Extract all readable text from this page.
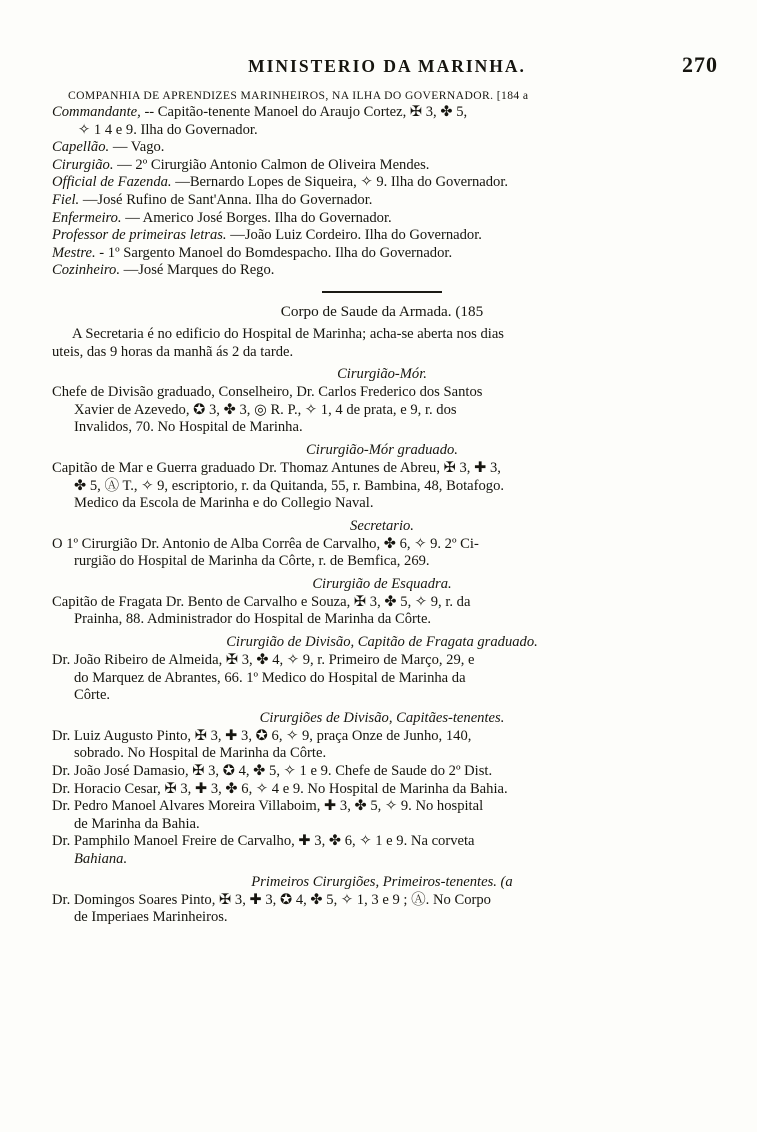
MINISTERIO DA MARINHA.	270
COMPANHIA DE APRENDIZES MARINHEIROS, NA ILHA DO GOVERNADOR. [184 a

Commandante, -- Capitão-tenente Manoel do Araujo Cortez, ✠ 3, ✤ 5,

✧ 1 4 e 9. Ilha do Governador.

Capellão. — Vago.

Cirurgião. — 2º Cirurgião Antonio Calmon de Oliveira Mendes.

Official de Fazenda. —Bernardo Lopes de Siqueira, ✧ 9. Ilha do Governador.

Fiel. —José Rufino de Sant'Anna. Ilha do Governador.

Enfermeiro. — Americo José Borges. Ilha do Governador.

Professor de primeiras letras. —João Luiz Cordeiro. Ilha do Governador.

Mestre. - 1º Sargento Manoel do Bomdespacho. Ilha do Governador.

Cozinheiro. —José Marques do Rego.

Corpo de Saude da Armada. (185

A Secretaria é no edificio do Hospital de Marinha; acha-se aberta nos dias

uteis, das 9 horas da manhã ás 2 da tarde.

Cirurgião-Mór.

Chefe de Divisão graduado, Conselheiro, Dr. Carlos Frederico dos Santos

Xavier de Azevedo, ✪ 3, ✤ 3, ◎ R. P., ✧ 1, 4 de prata, e 9, r. dos

Invalidos, 70. No Hospital de Marinha.

Cirurgião-Mór graduado.

Capitão de Mar e Guerra graduado Dr. Thomaz Antunes de Abreu, ✠ 3, ✚ 3,

✤ 5, Ⓐ T., ✧ 9, escriptorio, r. da Quitanda, 55, r. Bambina, 48, Botafogo.

Medico da Escola de Marinha e do Collegio Naval.

Secretario.

O 1º Cirurgião Dr. Antonio de Alba Corrêa de Carvalho, ✤ 6, ✧ 9. 2º Ci-

rurgião do Hospital de Marinha da Côrte, r. de Bemfica, 269.

Cirurgião de Esquadra.

Capitão de Fragata Dr. Bento de Carvalho e Souza, ✠ 3, ✤ 5, ✧ 9, r. da

Prainha, 88. Administrador do Hospital de Marinha da Côrte.

Cirurgião de Divisão, Capitão de Fragata graduado.

Dr. João Ribeiro de Almeida, ✠ 3, ✤ 4, ✧ 9, r. Primeiro de Março, 29, e

do Marquez de Abrantes, 66. 1º Medico do Hospital de Marinha da

Côrte.

Cirurgiões de Divisão, Capitães-tenentes.

Dr. Luiz Augusto Pinto, ✠ 3, ✚ 3, ✪ 6, ✧ 9, praça Onze de Junho, 140,

sobrado. No Hospital de Marinha da Côrte.

Dr. João José Damasio, ✠ 3, ✪ 4, ✤ 5, ✧ 1 e 9. Chefe de Saude do 2º Dist.

Dr. Horacio Cesar, ✠ 3, ✚ 3, ✤ 6, ✧ 4 e 9. No Hospital de Marinha da Bahia.

Dr. Pedro Manoel Alvares Moreira Villaboim, ✚ 3, ✤ 5, ✧ 9. No hospital

de Marinha da Bahia.

Dr. Pamphilo Manoel Freire de Carvalho, ✚ 3, ✤ 6, ✧ 1 e 9. Na corveta

Bahiana.

Primeiros Cirurgiões, Primeiros-tenentes. (a

Dr. Domingos Soares Pinto, ✠ 3, ✚ 3, ✪ 4, ✤ 5, ✧ 1, 3 e 9 ; Ⓐ. No Corpo

de Imperiaes Marinheiros.
